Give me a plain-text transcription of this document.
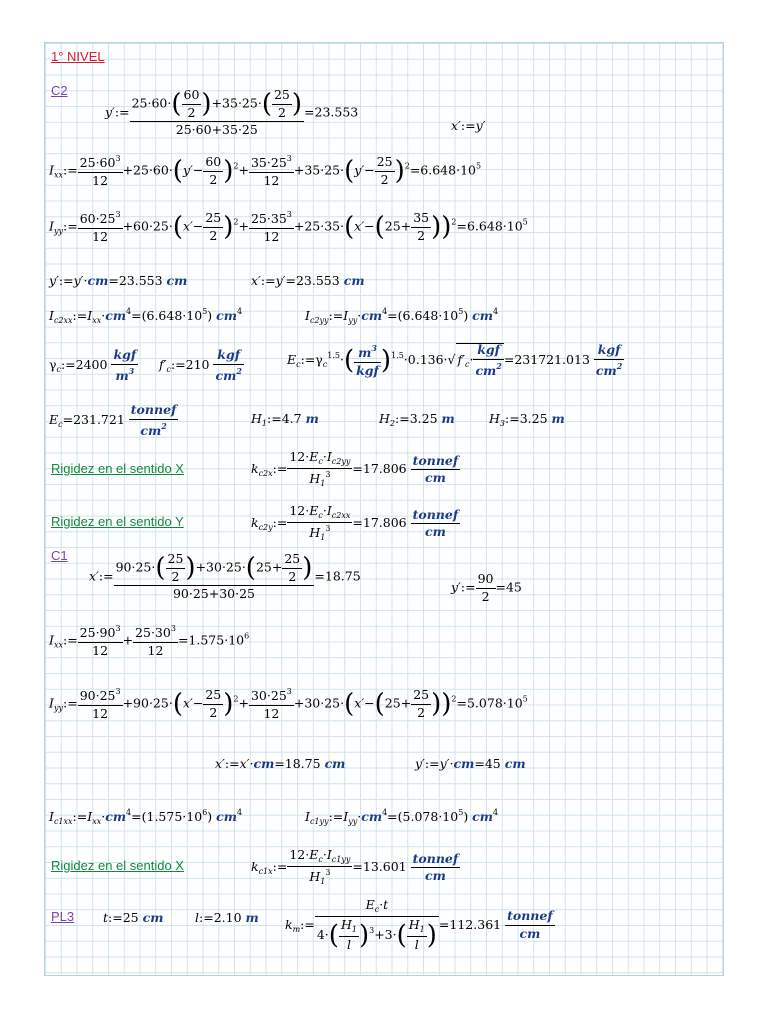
1° NIVEL
C2
y′:= $\frac{25\cdot 60\cdot( \frac{60}{2} )+35\cdot 25\cdot( \frac{25}{2} )}{25\cdot 60+35\cdot 25} =23.553$
x′:=y′
$I_{xx}:= \frac{25\cdot 60^3}{12} +25\cdot 60\cdot(y'- \frac{60}{2} )^2+ \frac{35\cdot 25^3}{12} +35\cdot 25\cdot(y'- \frac{25}{2} )^2=6.648\cdot 10^5$
$I_{yy}:= \frac{60\cdot 25^3}{12} +60\cdot 25\cdot(x'- \frac{25}{2} )^2+ \frac{25\cdot 35^3}{12} +25\cdot 35\cdot(x'-(25+ \frac{35}{2} ))^2=6.648\cdot 10^5$
y′:=y′·cm=23.553 cm	x′:=y′=23.553 cm
$I_{c2xx}:=I_{xx}\cdot cm^4=(6.648\cdot 10^5)$ $cm^4$	$I_{c2yy}:=I_{yy}\cdot cm^4=(6.648\cdot 10^5)$ $cm^4$
$\gamma_c:=2400 \frac{\text{kgf}}{m^3}$ $f'_c:=210 \frac{\text{kgf}}{cm^2}$	$E_c:=\gamma_c^{1.5}\cdot( \frac{m^3}{\text{kgf}} )^{1.5}\cdot 0.136\cdot√$ $f'_c\cdot \frac{\text{kgf}}{cm^2} =231721.013 \frac{\text{kgf}}{cm^2}$
$E_c=231.721 \frac{\text{tonnef}}{cm^2}$	$H_1:=4.7$ m	$H_2:=3.25$ m	$H_3:=3.25$ m
Rigidez en el sentido X	$k_{c2x}:= \frac{12\cdot E_c\cdot I_{c2yy}}{H_1^3} =17.806 \frac{\text{tonnef}}{cm}$
Rigidez en el sentido Y	$k_{c2y}:= \frac{12\cdot E_c\cdot I_{c2xx}}{H_1^3} =17.806 \frac{\text{tonnef}}{cm}$
C1
x′:= $\frac{90\cdot 25\cdot( \frac{25}{2} )+30\cdot 25\cdot(25+ \frac{25}{2} )}{90\cdot 25+30\cdot 25} =18.75$
y′:= $\frac{90}{2} =45$
$I_{xx}:= \frac{25\cdot 90^3}{12} + \frac{25\cdot 30^3}{12} =1.575\cdot 10^6$
$I_{yy}:= \frac{90\cdot 25^3}{12} +90\cdot 25\cdot(x'- \frac{25}{2} )^2+ \frac{30\cdot 25^3}{12} +30\cdot 25\cdot(x'-(25+ \frac{25}{2} ))^2=5.078\cdot 10^5$
x′:=x′·cm=18.75 cm	y′:=y′·cm=45 cm
$I_{c1xx}:=I_{xx}\cdot cm^4=(1.575\cdot 10^6)$ $cm^4$	$I_{c1yy}:=I_{yy}\cdot cm^4=(5.078\cdot 10^5)$ $cm^4$
Rigidez en el sentido X	$k_{c1x}:= \frac{12\cdot E_c\cdot I_{c1yy}}{H_1^3} =13.601 \frac{\text{tonnef}}{cm}$
PL3 t:=25 cm	l:=2.10 m $k_m:= \frac{E_c\cdot t}{4\cdot( \frac{H_1}{l} )^3+3\cdot( \frac{H_1}{l} )} =112.361 \frac{\text{tonnef}}{cm}$
